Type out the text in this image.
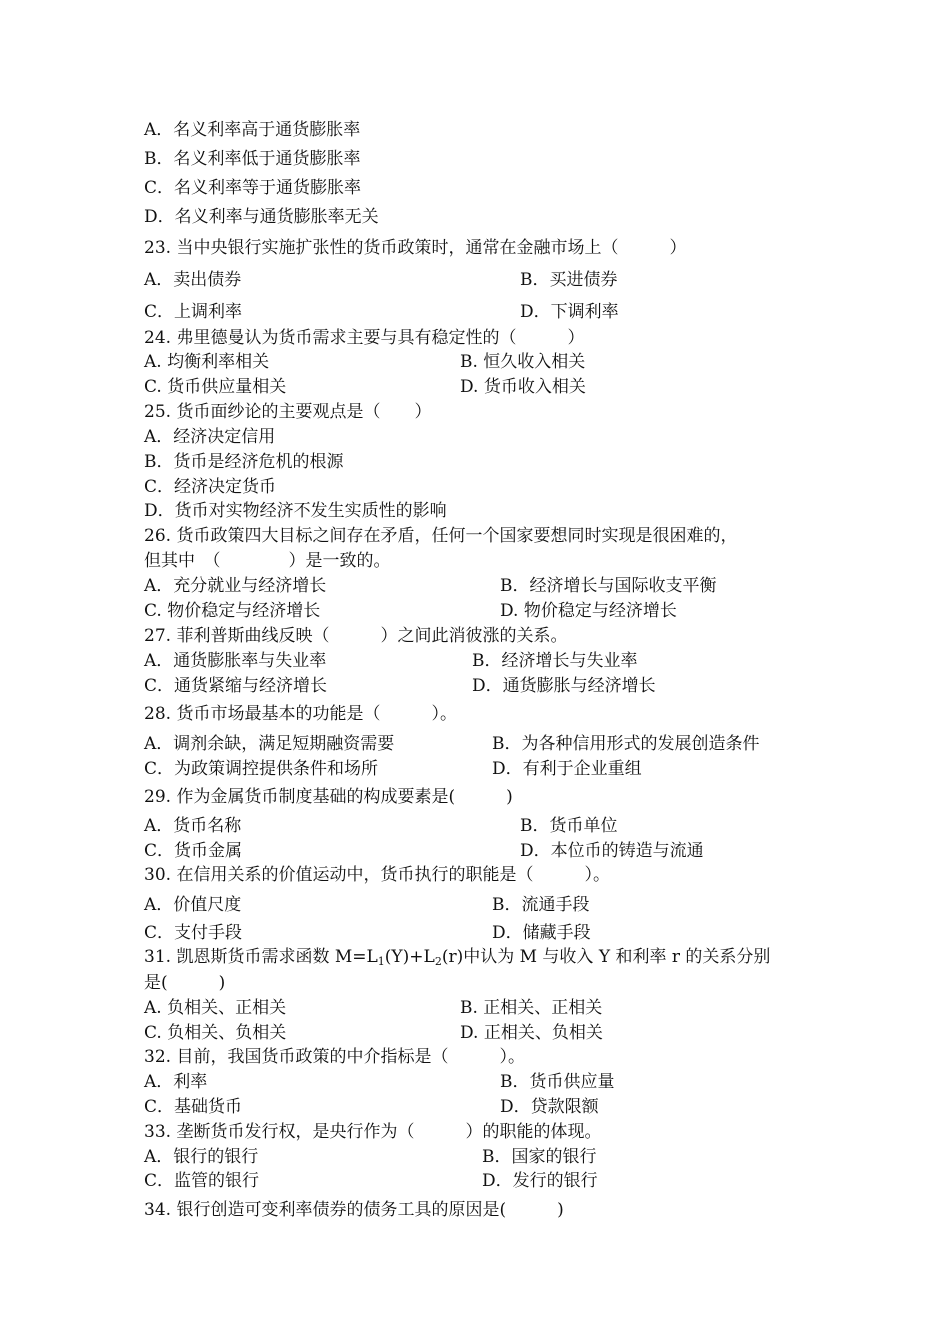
A．名义利率高于通货膨胀率
B．名义利率低于通货膨胀率
C．名义利率等于通货膨胀率
D．名义利率与通货膨胀率无关
23. 当中央银行实施扩张性的货币政策时，通常在金融市场上（　　　）
A．卖出债券	B．买进债券
C．上调利率	D．下调利率
24. 弗里德曼认为货币需求主要与具有稳定性的（　　　）
A. 均衡利率相关	B. 恒久收入相关
C. 货币供应量相关	D. 货币收入相关
25. 货币面纱论的主要观点是（　　）
A．经济决定信用
B．货币是经济危机的根源
C．经济决定货币
D．货币对实物经济不发生实质性的影响
26. 货币政策四大目标之间存在矛盾，任何一个国家要想同时实现是很困难的，
但其中　（　　　　）是一致的。
A．充分就业与经济增长	B．经济增长与国际收支平衡
C. 物价稳定与经济增长	D. 物价稳定与经济增长
27. 菲利普斯曲线反映（　　　）之间此消彼涨的关系。
A．通货膨胀率与失业率	B．经济增长与失业率
C．通货紧缩与经济增长	D．通货膨胀与经济增长
28. 货币市场最基本的功能是（　　　）。
A．调剂余缺，满足短期融资需要	B．为各种信用形式的发展创造条件
C．为政策调控提供条件和场所	D．有利于企业重组
29. 作为金属货币制度基础的构成要素是(　　　)
A．货币名称	B．货币单位
C．货币金属	D．本位币的铸造与流通
30. 在信用关系的价值运动中，货币执行的职能是（　　　）。
A．价值尺度	B．流通手段
C．支付手段	D．储藏手段
31. 凯恩斯货币需求函数 $M=L_1(Y)+L_2(r)$中认为 M 与收入 Y 和利率 r 的关系分别
是(　　　)
A. 负相关、正相关	B. 正相关、正相关
C. 负相关、负相关	D. 正相关、负相关
32. 目前，我国货币政策的中介指标是（　　　）。
A．利率	B．货币供应量
C．基础货币	D．贷款限额
33. 垄断货币发行权，是央行作为（　　　）的职能的体现。
A．银行的银行	B．国家的银行
C．监管的银行	D．发行的银行
34. 银行创造可变利率债券的债务工具的原因是(　　　)
